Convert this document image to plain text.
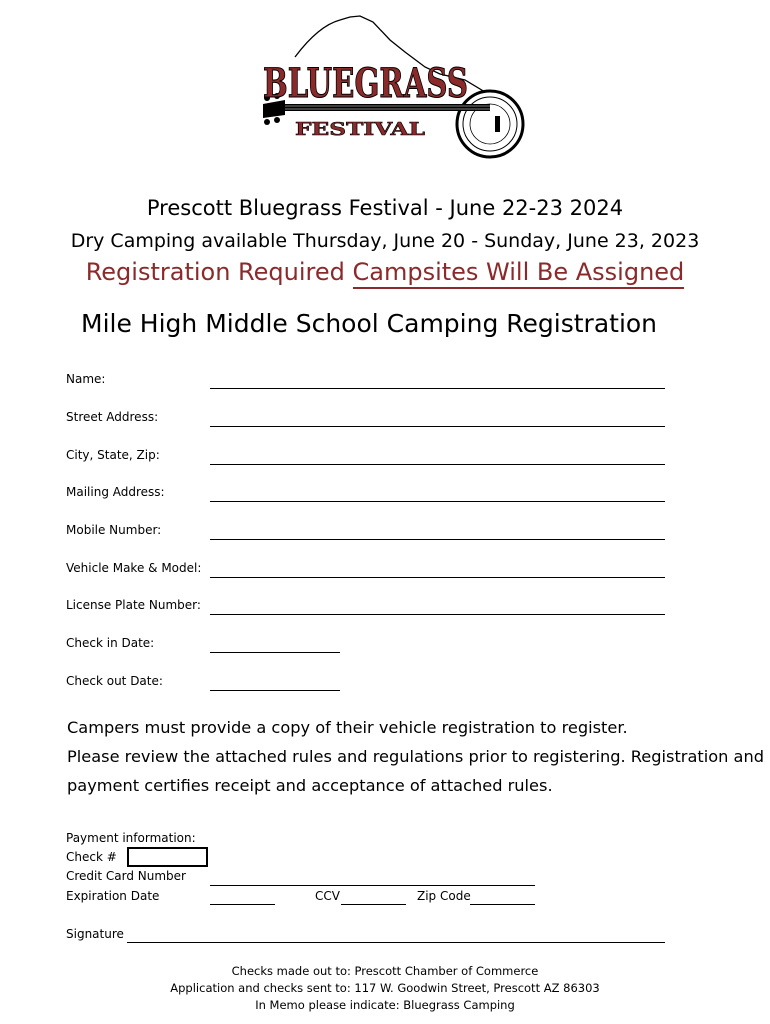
BLUEGRASS
FESTIVAL
Prescott Bluegrass Festival - June 22-23 2024
Dry Camping available Thursday, June 20 - Sunday, June 23, 2023
Registration Required Campsites Will Be Assigned
Mile High Middle School Camping Registration
Name:
Street Address:
City, State, Zip:
Mailing Address:
Mobile Number:
Vehicle Make & Model:
License Plate Number:
Check in Date:
Check out Date:
Campers must provide a copy of their vehicle registration to register.
Please review the attached rules and regulations prior to registering. Registration and
payment certifies receipt and acceptance of attached rules.
Payment information:
Check #
Credit Card Number
Expiration Date	CCV	Zip Code
Signature
Checks made out to: Prescott Chamber of Commerce
Application and checks sent to: 117 W. Goodwin Street, Prescott AZ 86303
In Memo please indicate: Bluegrass Camping
